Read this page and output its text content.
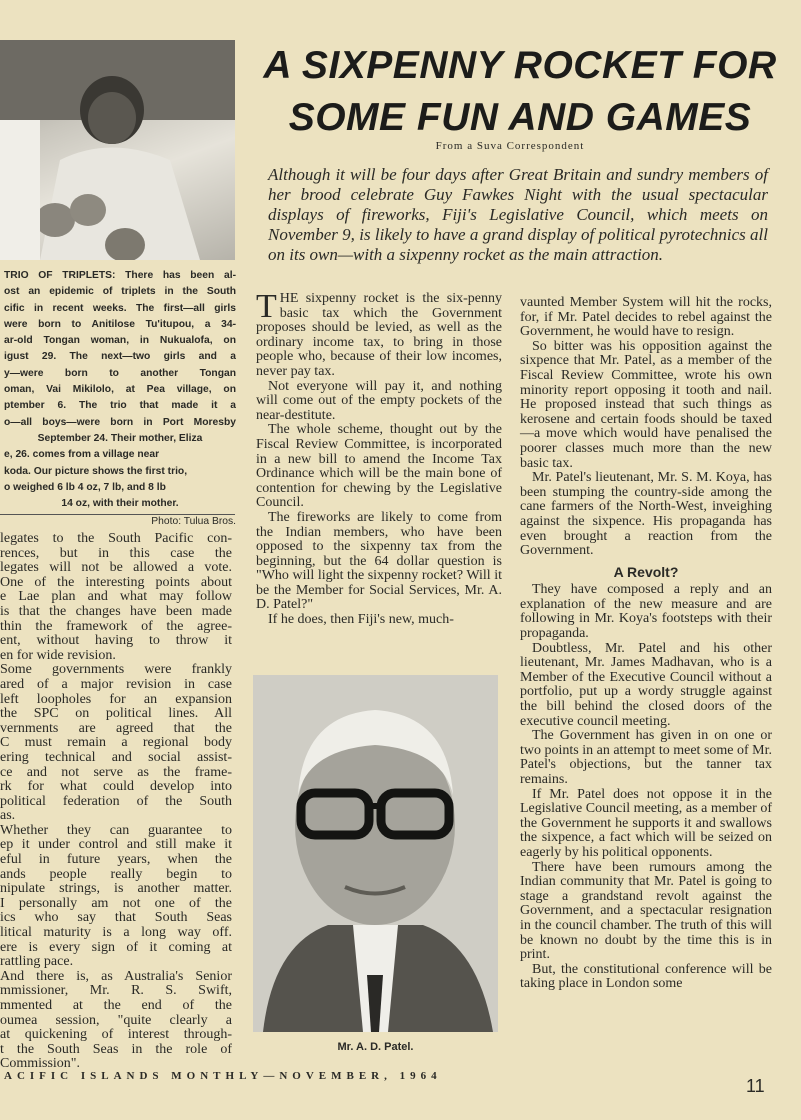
A SIXPENNY ROCKET FOR
SOME FUN AND GAMES
From a Suva Correspondent
Although it will be four days after Great Britain and sundry members of her brood celebrate Guy Fawkes Night with the usual spectacular displays of fireworks, Fiji's Legislative Council, which meets on November 9, is likely to have a grand display of political pyrotechnics all on its own—with a sixpenny rocket as the main attraction.
TRIO OF TRIPLETS: There has been al-
ost an epidemic of triplets in the South
cific in recent weeks. The first—all girls
were born to Anitilose Tu'itupou, a 34-
ar-old Tongan woman, in Nukualofa, on
igust 29. The next—two girls and a
y—were born to another Tongan
oman, Vai Mikilolo, at Pea village, on
ptember 6. The trio that made it a
o—all boys—were born in Port Moresby
September 24. Their mother, Eliza
e, 26. comes from a village near
koda. Our picture shows the first trio,
o weighed 6 lb 4 oz, 7 lb, and 8 lb
14 oz, with their mother.
Photo: Tulua Bros.
legates to the South Pacific con-
rences, but in this case the
legates will not be allowed a vote.
One of the interesting points about
e Lae plan and what may follow
is that the changes have been made
thin the framework of the agree-
ent, without having to throw it
en for wide revision.
Some governments were frankly
ared of a major revision in case
left loopholes for an expansion
the SPC on political lines. All
vernments are agreed that the
C must remain a regional body
ering technical and social assist-
ce and not serve as the frame-
rk for what could develop into
political federation of the South
as.
Whether they can guarantee to
ep it under control and still make it
eful in future years, when the
ands people really begin to
nipulate strings, is another matter.
I personally am not one of the
ics who say that South Seas
litical maturity is a long way off.
ere is every sign of it coming at
rattling pace.
And there is, as Australia's Senior
mmissioner, Mr. R. S. Swift,
mmented at the end of the
oumea session, "quite clearly a
at quickening of interest through-
t the South Seas in the role of
Commission".

THE sixpenny rocket is the six-penny basic tax which the Government proposes should be levied, as well as the ordinary income tax, to bring in those people who, because of their low incomes, never pay tax.

Not everyone will pay it, and nothing will come out of the empty pockets of the near-destitute.

The whole scheme, thought out by the Fiscal Review Committee, is incorporated in a new bill to amend the Income Tax Ordinance which will be the main bone of contention for chewing by the Legislative Council.

The fireworks are likely to come from the Indian members, who have been opposed to the sixpenny tax from the beginning, but the 64 dollar question is "Who will light the sixpenny rocket? Will it be the Member for Social Services, Mr. A. D. Patel?"

If he does, then Fiji's new, much-

Mr. A. D. Patel.

vaunted Member System will hit the rocks, for, if Mr. Patel decides to rebel against the Government, he would have to resign.

So bitter was his opposition against the sixpence that Mr. Patel, as a member of the Fiscal Review Committee, wrote his own minority report opposing it tooth and nail. He proposed instead that such things as kerosene and certain foods should be taxed—a move which would have penalised the poorer classes much more than the new basic tax.

Mr. Patel's lieutenant, Mr. S. M. Koya, has been stumping the country-side among the cane farmers of the North-West, inveighing against the sixpence. His propaganda has even brought a reaction from the Government.

A Revolt?

They have composed a reply and an explanation of the new measure and are following in Mr. Koya's footsteps with their propaganda.

Doubtless, Mr. Patel and his other lieutenant, Mr. James Madhavan, who is a Member of the Executive Council without a portfolio, put up a wordy struggle against the bill behind the closed doors of the executive council meeting.

The Government has given in on one or two points in an attempt to meet some of Mr. Patel's objections, but the tanner tax remains.

If Mr. Patel does not oppose it in the Legislative Council meeting, as a member of the Government he supports it and swallows the sixpence, a fact which will be seized on eagerly by his political opponents.

There have been rumours among the Indian community that Mr. Patel is going to stage a grandstand revolt against the Government, and a spectacular resignation in the council chamber. The truth of this will be known no doubt by the time this is in print.

But, the constitutional conference will be taking place in London some

ACIFIC ISLANDS MONTHLY—NOVEMBER, 1964	11
